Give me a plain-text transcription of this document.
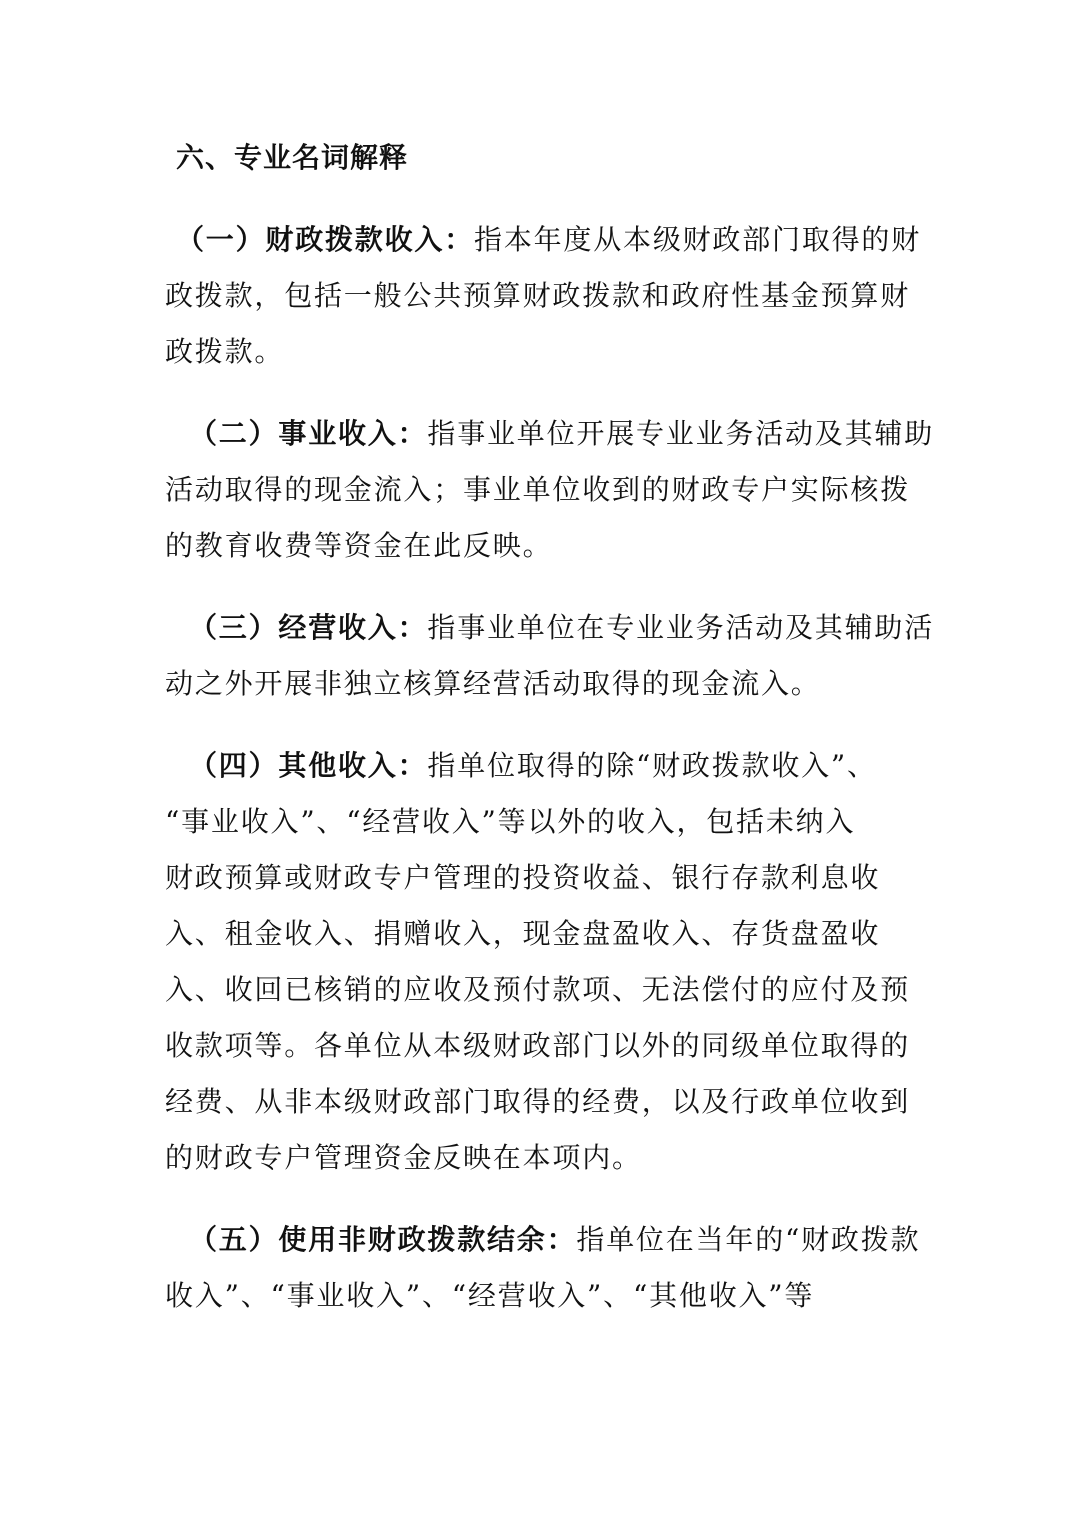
六、专业名词解释

（一）财政拨款收入：指本年度从本级财政部门取得的财
政拨款，包括一般公共预算财政拨款和政府性基金预算财
政拨款。

（二）事业收入：指事业单位开展专业业务活动及其辅助
活动取得的现金流入；事业单位收到的财政专户实际核拨
的教育收费等资金在此反映。

（三）经营收入：指事业单位在专业业务活动及其辅助活
动之外开展非独立核算经营活动取得的现金流入。

（四）其他收入：指单位取得的除“财政拨款收入”、
“事业收入”、“经营收入”等以外的收入，包括未纳入
财政预算或财政专户管理的投资收益、银行存款利息收
入、租金收入、捐赠收入，现金盘盈收入、存货盘盈收
入、收回已核销的应收及预付款项、无法偿付的应付及预
收款项等。各单位从本级财政部门以外的同级单位取得的
经费、从非本级财政部门取得的经费，以及行政单位收到
的财政专户管理资金反映在本项内。

（五）使用非财政拨款结余：指单位在当年的“财政拨款
收入”、“事业收入”、“经营收入”、“其他收入”等
